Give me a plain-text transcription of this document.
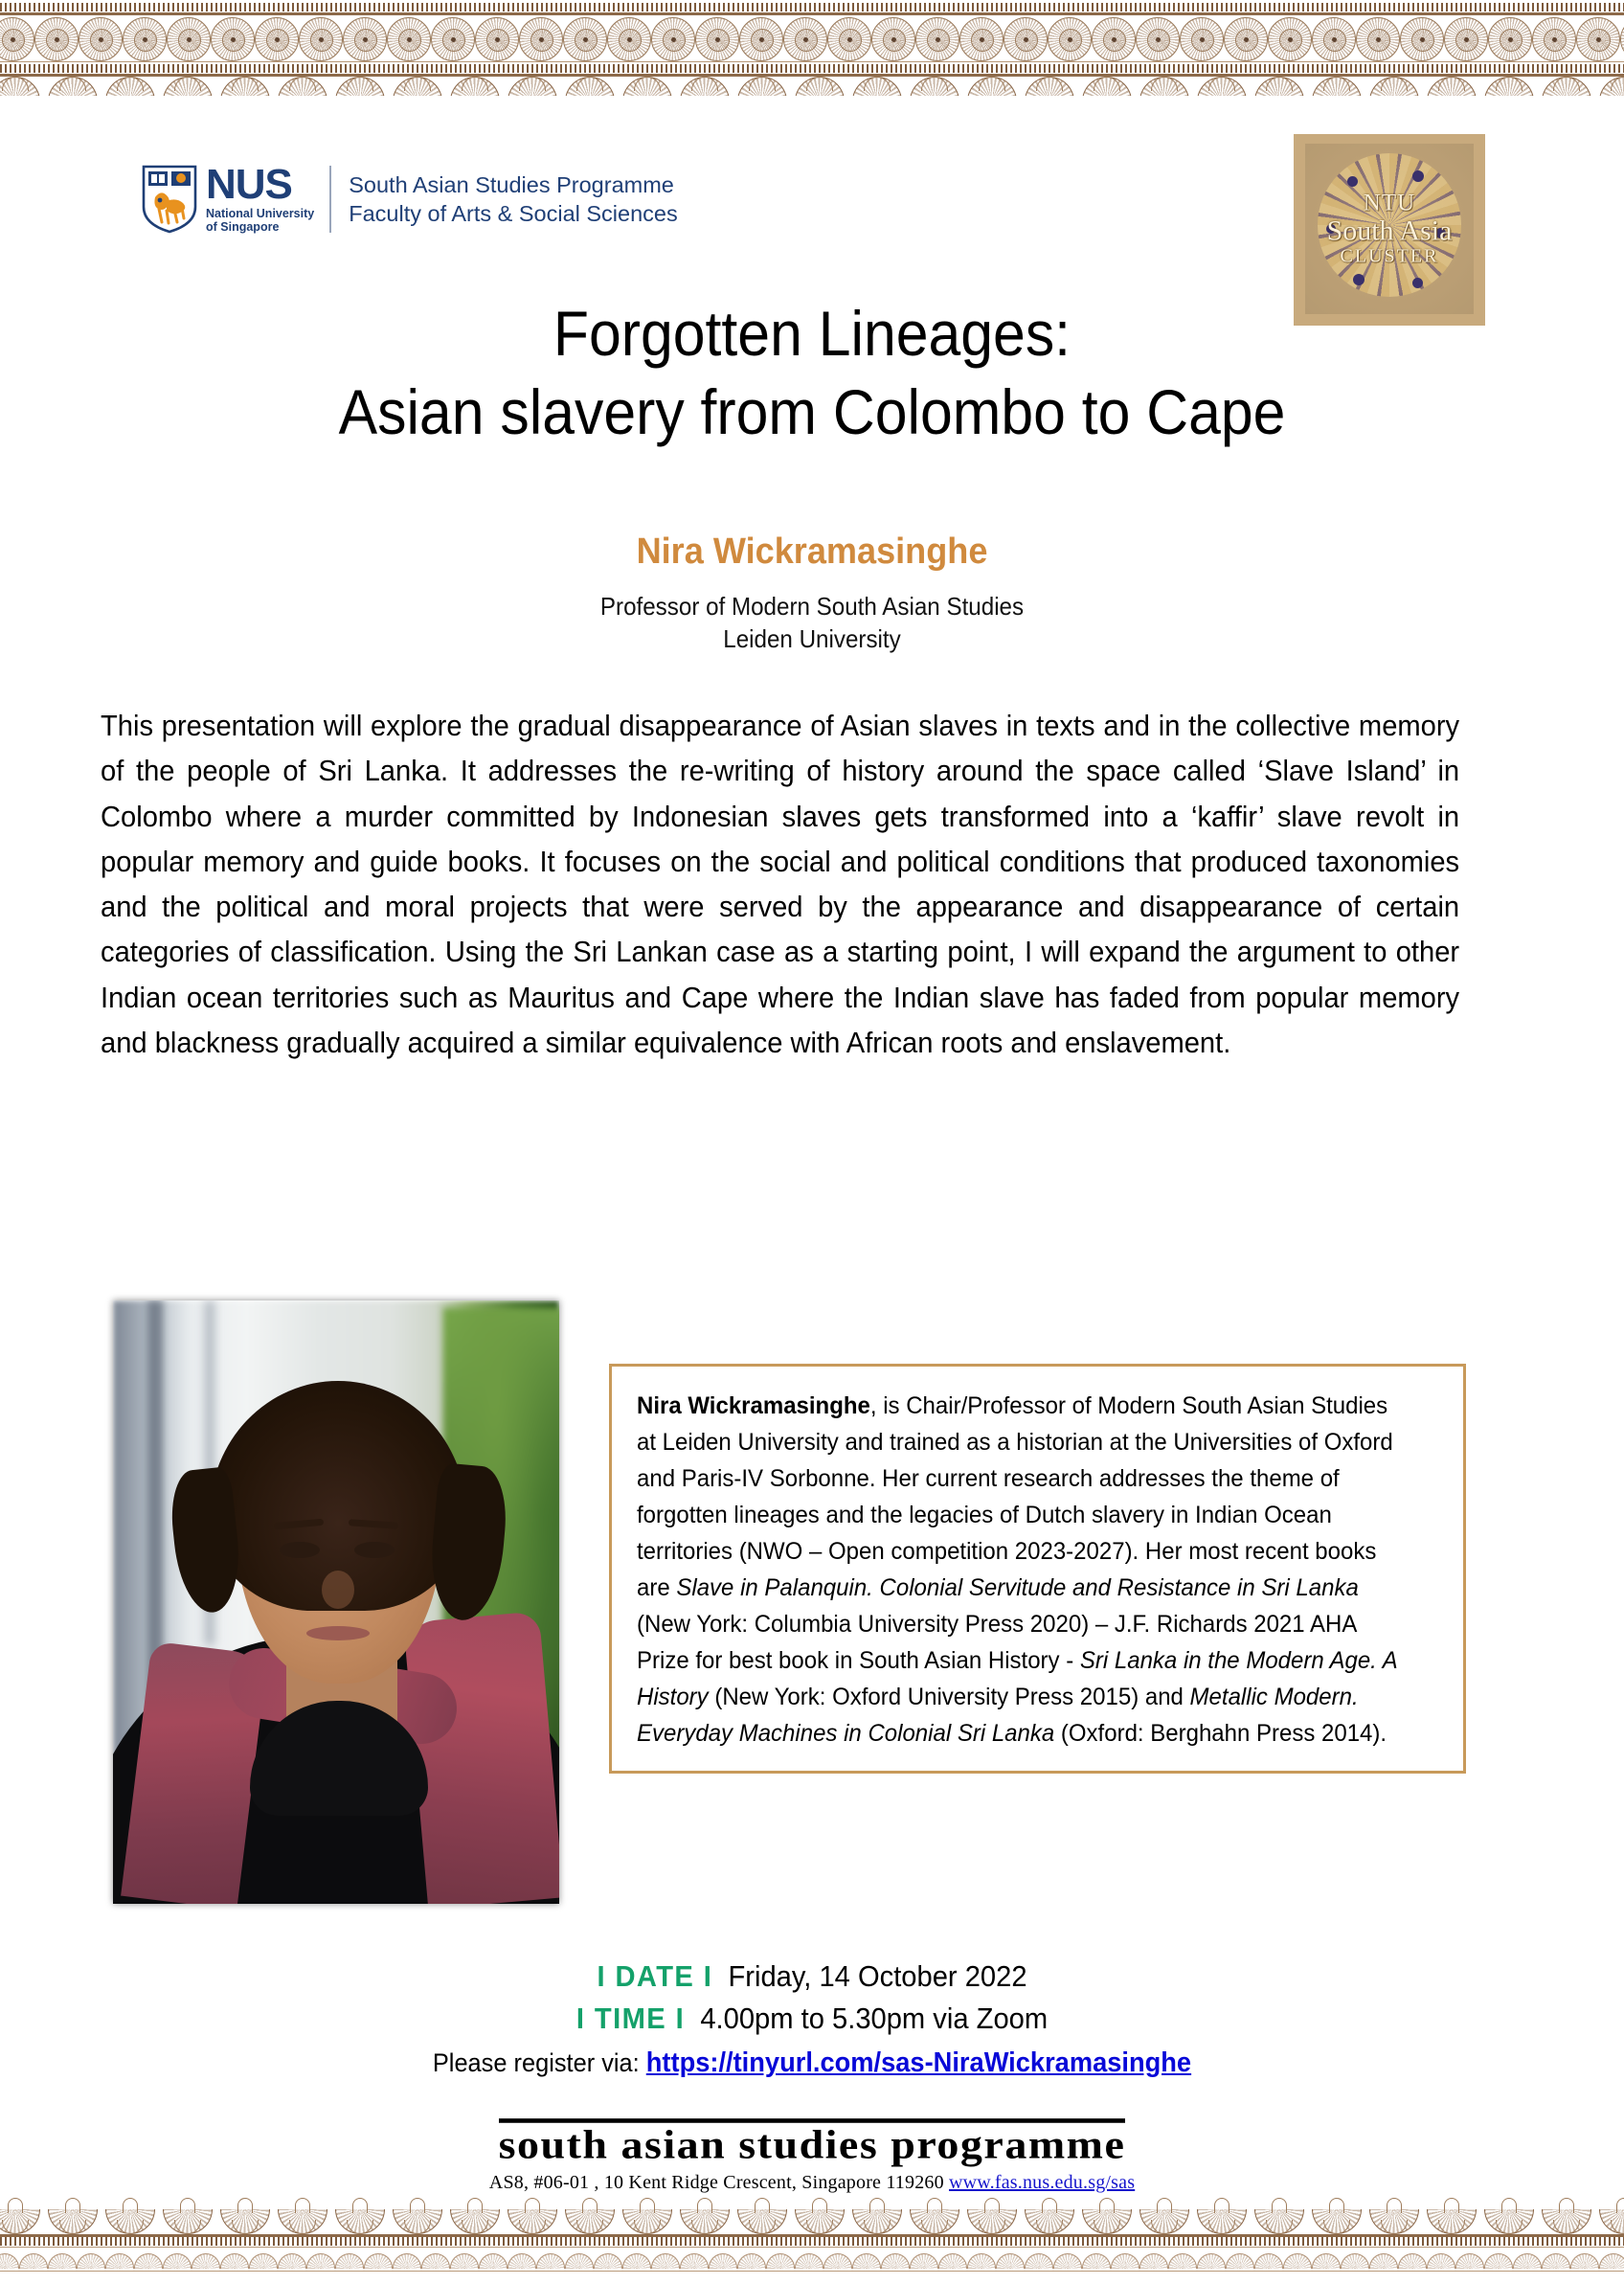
NUS
National University
of Singapore
South Asian Studies Programme
Faculty of Arts & Social Sciences	NTU
South Asia
CLUSTER
Forgotten Lineages:
Asian slavery from Colombo to Cape
Nira Wickramasinghe
Professor of Modern South Asian Studies
Leiden University
This presentation will explore the gradual disappearance of Asian slaves in texts and in the collective memory of the people of Sri Lanka. It addresses the re-writing of history around the space called ‘Slave Island’ in Colombo where a murder committed by Indonesian slaves gets transformed into a ‘kaffir’ slave revolt in popular memory and guide books. It focuses on the social and political conditions that produced taxonomies and the political and moral projects that were served by the appearance and disappearance of certain categories of classification. Using the Sri Lankan case as a starting point, I will expand the argument to other Indian ocean territories such as Mauritus and Cape where the Indian slave has faded from popular memory and blackness gradually acquired a similar equivalence with African roots and enslavement.
Nira Wickramasinghe, is Chair/Professor of Modern South Asian Studies at Leiden University and trained as a historian at the Universities of Oxford and Paris-IV Sorbonne. Her current research addresses the theme of forgotten lineages and the legacies of Dutch slavery in Indian Ocean territories (NWO – Open competition 2023-2027). Her most recent books are Slave in Palanquin. Colonial Servitude and Resistance in Sri Lanka (New York: Columbia University Press 2020) – J.F. Richards 2021 AHA Prize for best book in South Asian History - Sri Lanka in the Modern Age. A History (New York: Oxford University Press 2015) and Metallic Modern. Everyday Machines in Colonial Sri Lanka (Oxford: Berghahn Press 2014).
I DATE I Friday, 14 October 2022
I TIME I 4.00pm to 5.30pm via Zoom
Please register via: https://tinyurl.com/sas-NiraWickramasinghe
south asian studies programme
AS8, #06-01 , 10 Kent Ridge Crescent, Singapore 119260 www.fas.nus.edu.sg/sas
